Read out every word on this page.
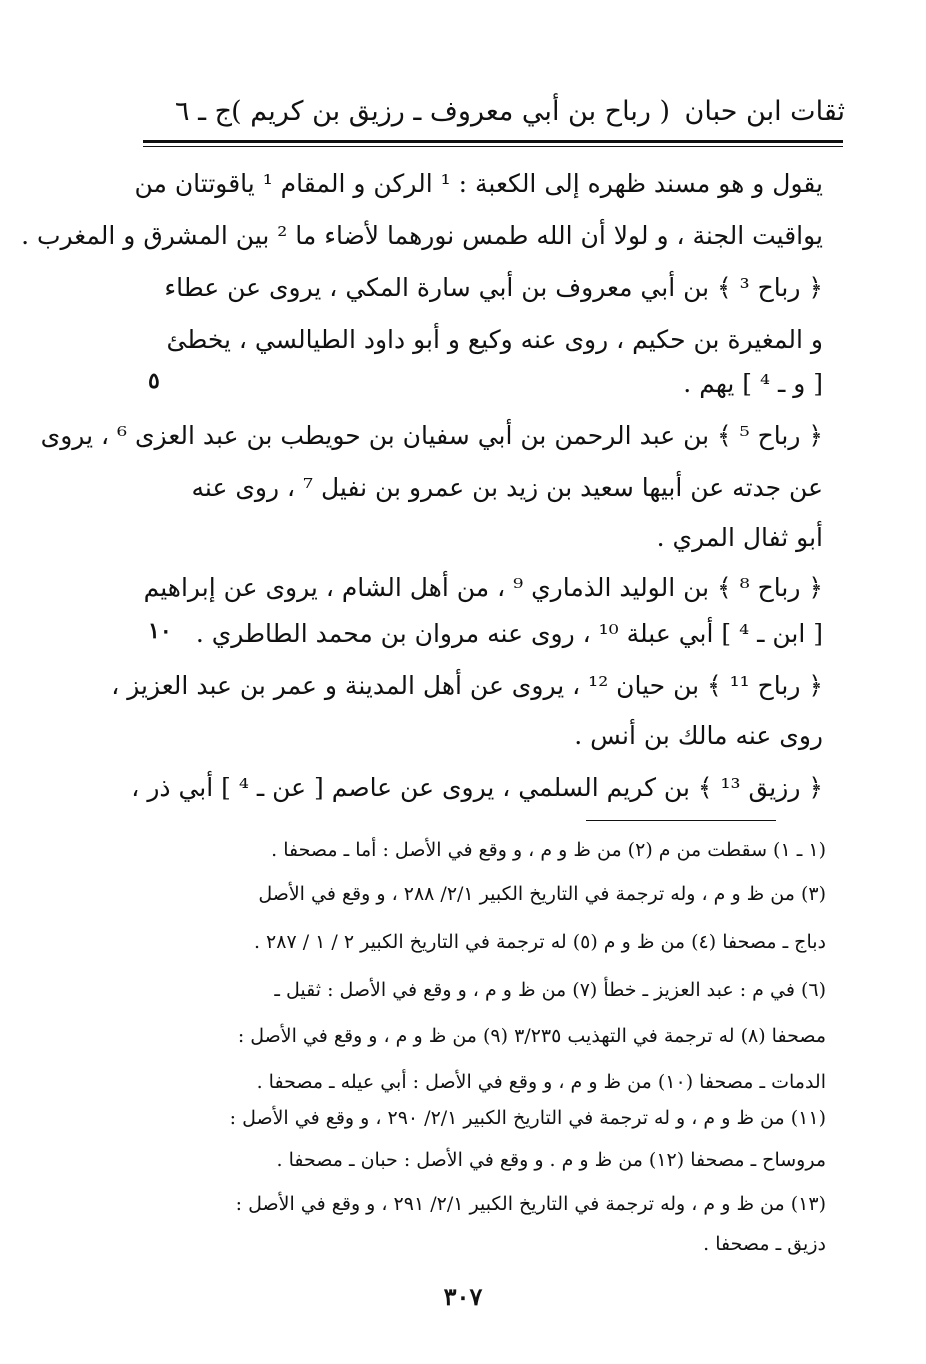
ثقات ابن حبان
( رباح بن أبي معروف ـ رزيق بن كريم )
ج ـ ٦
يقول و هو مسند ظهره إلى الكعبة : ¹ الركن و المقام ¹ ياقوتتان من
يواقيت الجنة ، و لولا أن الله طمس نورهما لأضاء ما ² بين المشرق و المغرب .
﴿ رباح ³ ﴾ بن أبي معروف بن أبي سارة المكي ، يروى عن عطاء
و المغيرة بن حكيم ، روى عنه وكيع و أبو داود الطيالسي ، يخطئ
[ و ـ ⁴ ] يهم .
﴿ رباح ⁵ ﴾ بن عبد الرحمن بن أبي سفيان بن حويطب بن عبد العزى ⁶ ، يروى
عن جدته عن أبيها سعيد بن زيد بن عمرو بن نفيل ⁷ ، روى عنه
أبو ثفال المري .
﴿ رباح ⁸ ﴾ بن الوليد الذماري ⁹ ، من أهل الشام ، يروى عن إبراهيم
[ ابن ـ ⁴ ] أبي عبلة ¹⁰ ، روى عنه مروان بن محمد الطاطري .
﴿ رباح ¹¹ ﴾ بن حيان ¹² ، يروى عن أهل المدينة و عمر بن عبد العزيز ،
روى عنه مالك بن أنس .
﴿ رزيق ¹³ ﴾ بن كريم السلمي ، يروى عن عاصم [ عن ـ ⁴ ] أبي ذر ،
٥
١٠
(١ ـ ١) سقطت من م (٢) من ظ و م ، و وقع في الأصل : أما ـ مصحفا .
(٣) من ظ و م ، وله ترجمة في التاريخ الكبير ٢/١/ ٢٨٨ ، و وقع في الأصل
دباج ـ مصحفا (٤) من ظ و م (٥) له ترجمة في التاريخ الكبير ٢ / ١ / ٢٨٧ .
(٦) في م : عبد العزيز ـ خطأ (٧) من ظ و م ، و وقع في الأصل : ثقيل ـ
مصحفا (٨) له ترجمة في التهذيب ٣/٢٣٥ (٩) من ظ و م ، و وقع في الأصل :
الدمات ـ مصحفا (١٠) من ظ و م ، و وقع في الأصل : أبي عيله ـ مصحفا .
(١١) من ظ و م ، و له ترجمة في التاريخ الكبير ٢/١/ ٢٩٠ ، و وقع في الأصل :
مروساح ـ مصحفا (١٢) من ظ و م . و وقع في الأصل : حبان ـ مصحفا .
(١٣) من ظ و م ، وله ترجمة في التاريخ الكبير ٢/١/ ٢٩١ ، و وقع في الأصل :
دزيق ـ مصحفا .
٣٠٧
